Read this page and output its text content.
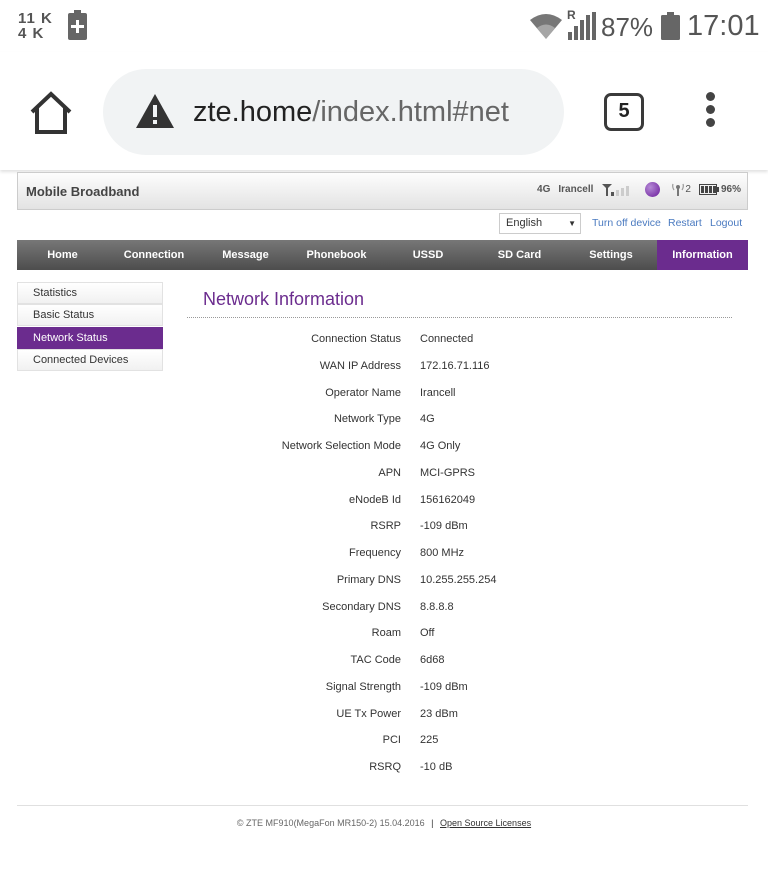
11 K
4 K
R 87% 17:01
zte.home/index.html#net	5
Mobile Broadband	4G Irancell	2	96%
English	▼ Turn off device Restart Logout
Home	Connection	Message	Phonebook	USSD	SD Card	Settings	Information
Statistics
Basic Status
Network Status
Connected Devices
Network Information
Connection Status Connected
WAN IP Address 172.16.71.116
Operator Name Irancell
Network Type 4G
Network Selection Mode 4G Only
APN MCI-GPRS
eNodeB Id 156162049
RSRP -109 dBm
Frequency 800 MHz
Primary DNS 10.255.255.254
Secondary DNS 8.8.8.8
Roam Off
TAC Code 6d68
Signal Strength -109 dBm
UE Tx Power 23 dBm
PCI 225
RSRQ -10 dB
© ZTE MF910(MegaFon MR150-2) 15.04.2016 | Open Source Licenses
